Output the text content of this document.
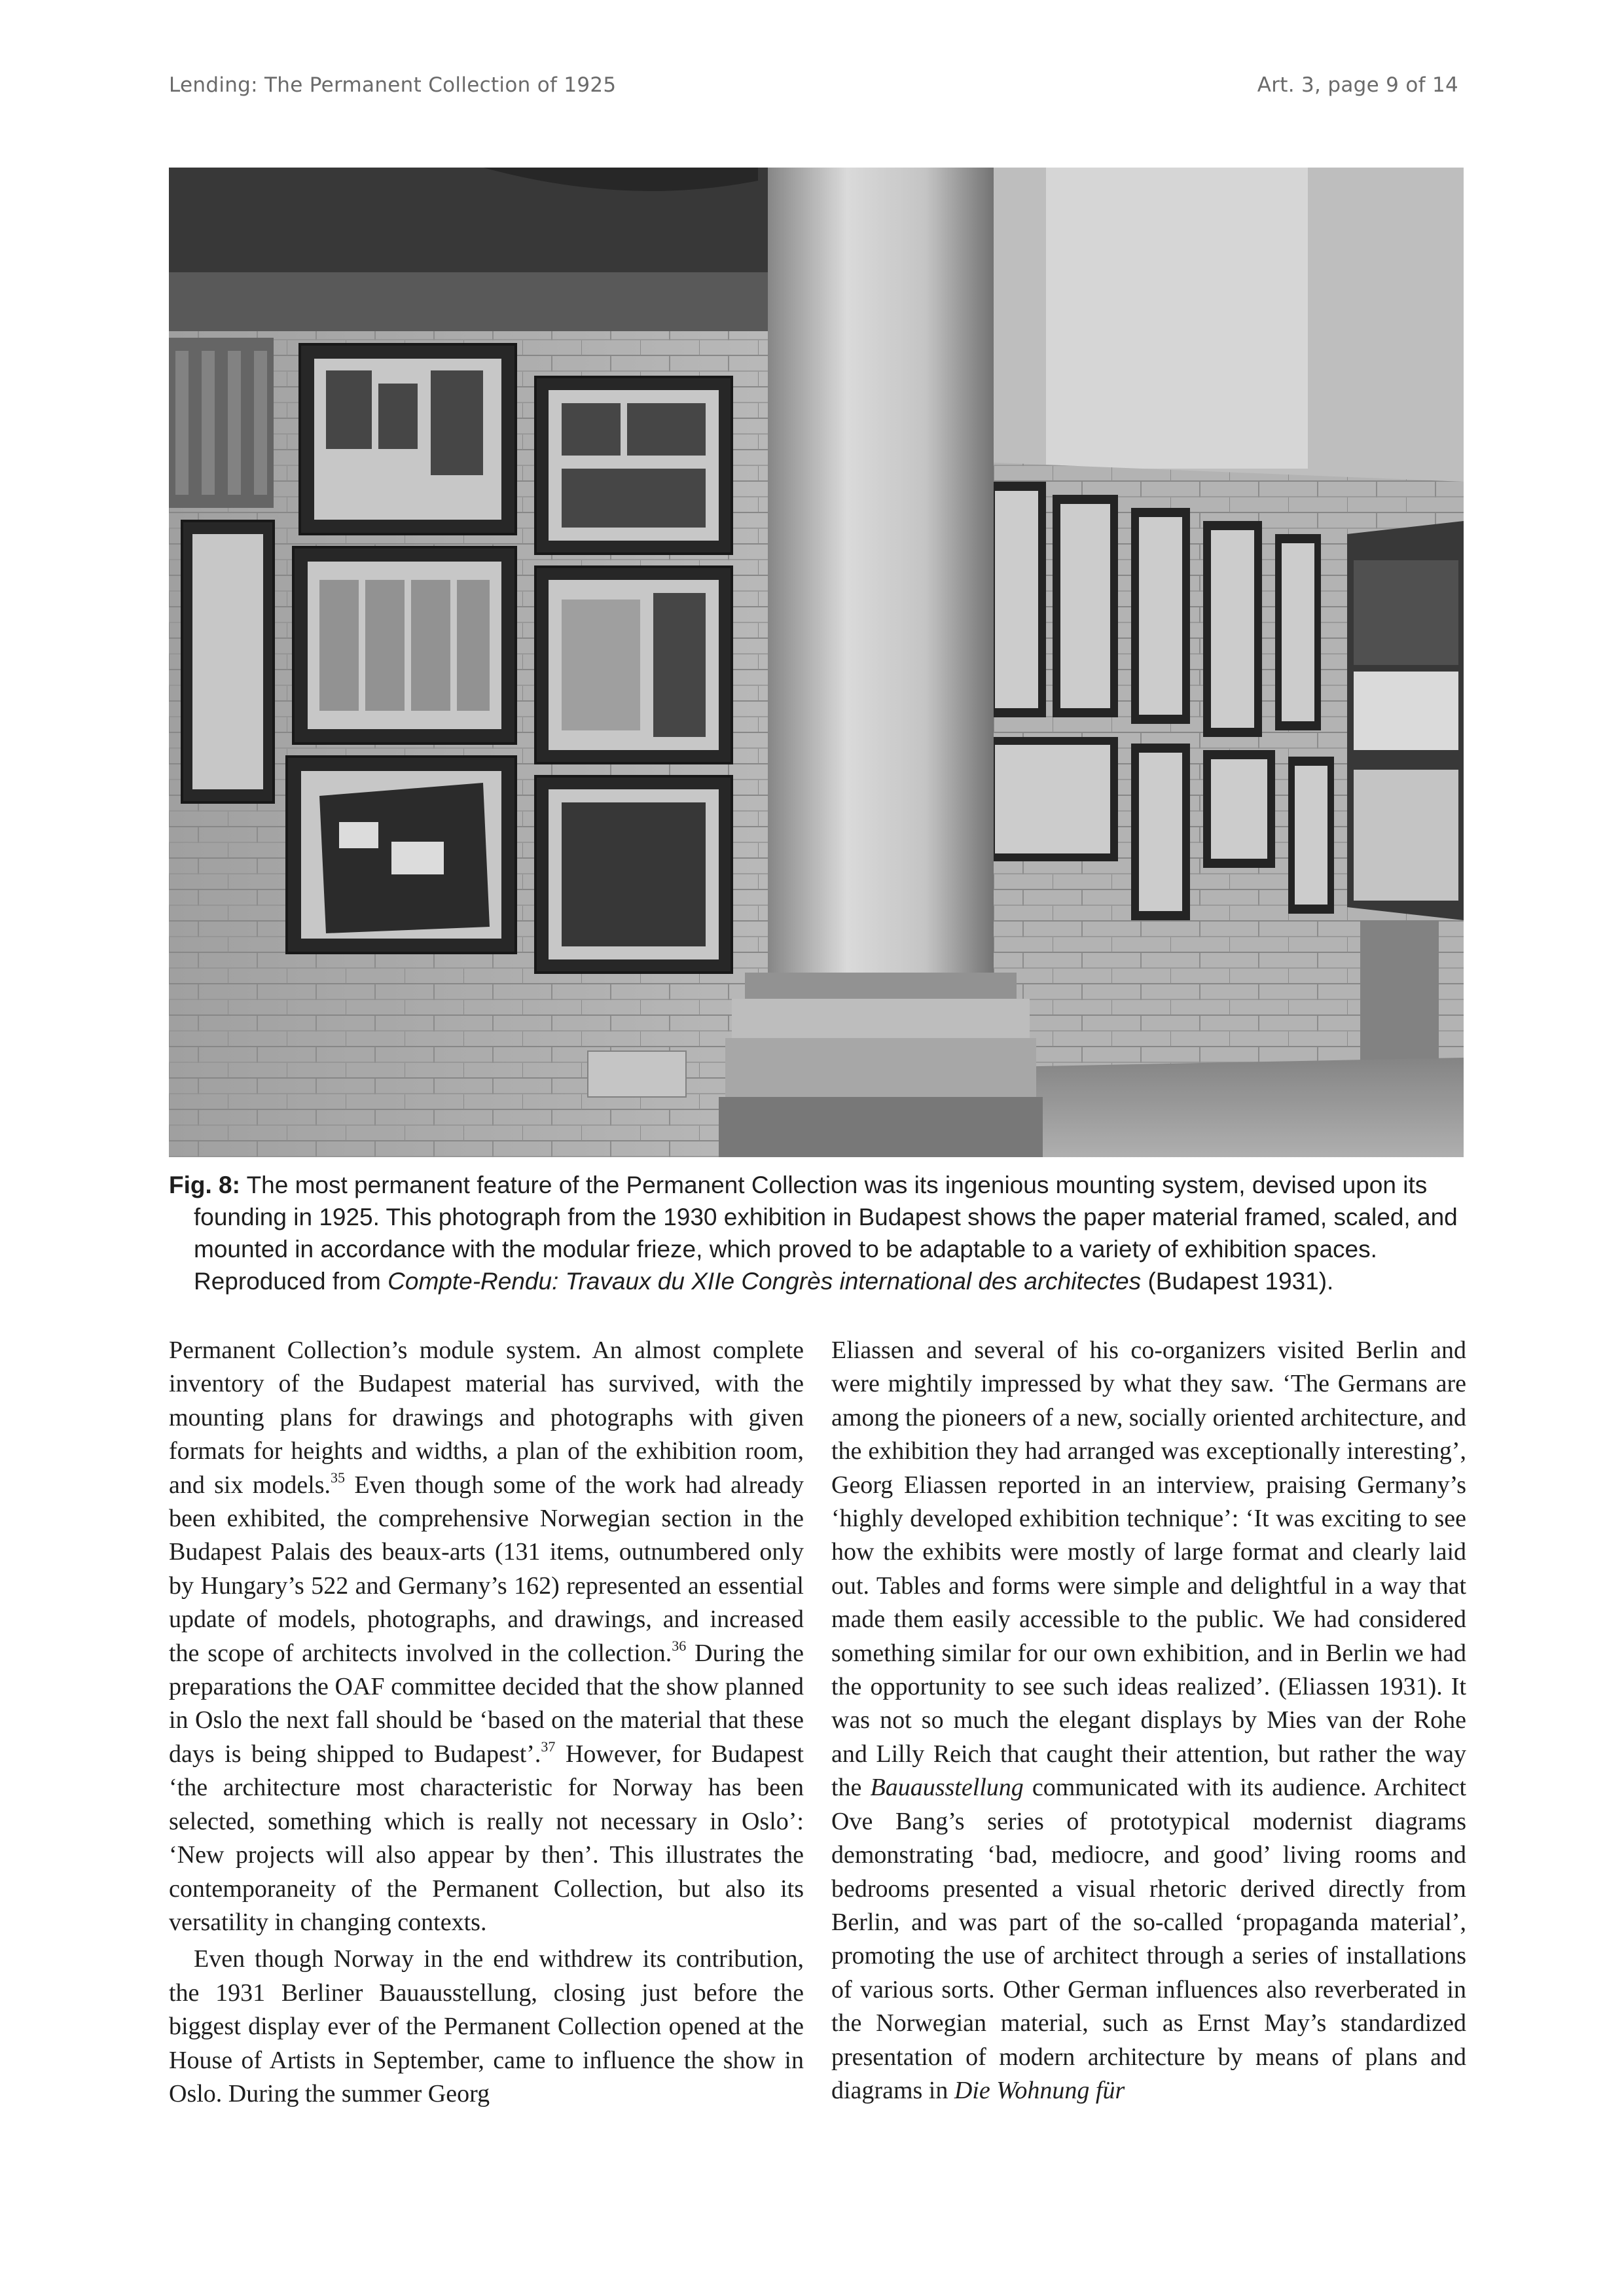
Lending: The Permanent Collection of 1925	Art. 3, page 9 of 14

Fig. 8: The most permanent feature of the Permanent Collection was its ingenious mounting system, devised upon its founding in 1925. This photograph from the 1930 exhibition in Budapest shows the paper material framed, scaled, and mounted in accordance with the modular frieze, which proved to be adaptable to a variety of exhibition spaces. Reproduced from Compte-Rendu: Travaux du XIIe Congrès international des architectes (Budapest 1931).

Permanent Collection’s module system. An almost complete inventory of the Budapest material has survived, with the mounting plans for drawings and photographs with given formats for heights and widths, a plan of the exhibition room, and six models.$^{35}$ Even though some of the work had already been exhibited, the comprehensive Norwegian section in the Budapest Palais des beaux-arts (131 items, outnumbered only by Hungary’s 522 and Germany’s 162) represented an essential update of models, photographs, and drawings, and increased the scope of architects involved in the collection.$^{36}$ During the preparations the OAF committee decided that the show planned in Oslo the next fall should be ‘based on the material that these days is being shipped to Budapest’.$^{37}$ However, for Budapest ‘the architecture most characteristic for Norway has been selected, something which is really not necessary in Oslo’: ‘New projects will also appear by then’. This illustrates the contemporaneity of the Permanent Collection, but also its versatility in changing contexts.

Even though Norway in the end withdrew its contribution, the 1931 Berliner Bauausstellung, closing just before the biggest display ever of the Permanent Collection opened at the House of Artists in September, came to influence the show in Oslo. During the summer Georg

Eliassen and several of his co-organizers visited Berlin and were mightily impressed by what they saw. ‘The Germans are among the pioneers of a new, socially oriented architecture, and the exhibition they had arranged was exceptionally interesting’, Georg Eliassen reported in an interview, praising Germany’s ‘highly developed exhibition technique’: ‘It was exciting to see how the exhibits were mostly of large format and clearly laid out. Tables and forms were simple and delightful in a way that made them easily accessible to the public. We had considered something similar for our own exhibition, and in Berlin we had the opportunity to see such ideas realized’. (Eliassen 1931). It was not so much the elegant displays by Mies van der Rohe and Lilly Reich that caught their attention, but rather the way the Bauausstellung communicated with its audience. Architect Ove Bang’s series of prototypical modernist diagrams demonstrating ‘bad, mediocre, and good’ living rooms and bedrooms presented a visual rhetoric derived directly from Berlin, and was part of the so-called ‘propaganda material’, promoting the use of architect through a series of installations of various sorts. Other German influences also reverberated in the Norwegian material, such as Ernst May’s standardized presentation of modern architecture by means of plans and diagrams in Die Wohnung für
